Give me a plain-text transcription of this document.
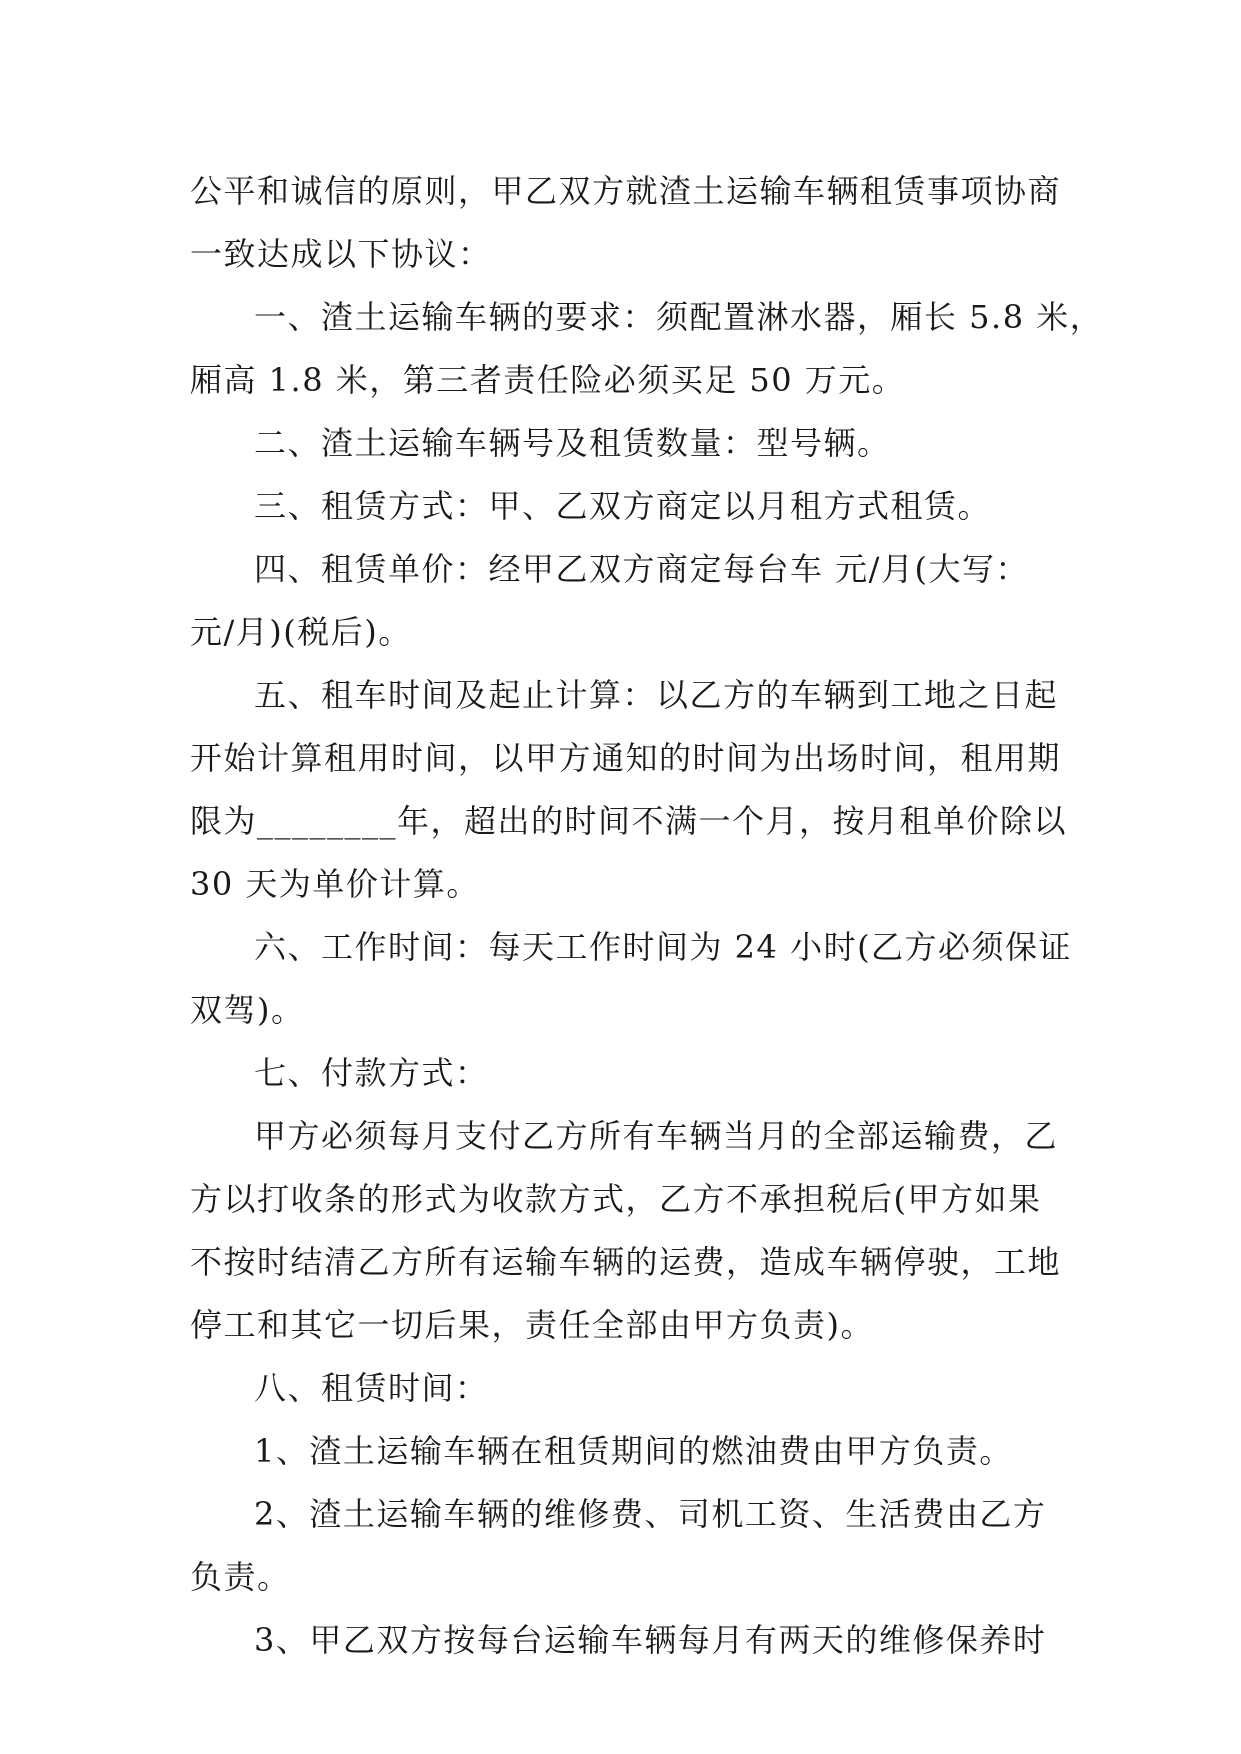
公平和诚信的原则，甲乙双方就渣土运输车辆租赁事项协商
一致达成以下协议：
一、渣土运输车辆的要求：须配置淋水器，厢长 5.8 米，
厢高 1.8 米，第三者责任险必须买足 50 万元。
二、渣土运输车辆号及租赁数量：型号辆。
三、租赁方式：甲、乙双方商定以月租方式租赁。
四、租赁单价：经甲乙双方商定每台车 元/月(大写：
元/月)(税后)。
五、租车时间及起止计算：以乙方的车辆到工地之日起
开始计算租用时间，以甲方通知的时间为出场时间，租用期
限为________年，超出的时间不满一个月，按月租单价除以
30 天为单价计算。
六、工作时间：每天工作时间为 24 小时(乙方必须保证
双驾)。
七、付款方式：
甲方必须每月支付乙方所有车辆当月的全部运输费，乙
方以打收条的形式为收款方式，乙方不承担税后(甲方如果
不按时结清乙方所有运输车辆的运费，造成车辆停驶，工地
停工和其它一切后果，责任全部由甲方负责)。
八、租赁时间：
1、渣土运输车辆在租赁期间的燃油费由甲方负责。
2、渣土运输车辆的维修费、司机工资、生活费由乙方
负责。
3、甲乙双方按每台运输车辆每月有两天的维修保养时
